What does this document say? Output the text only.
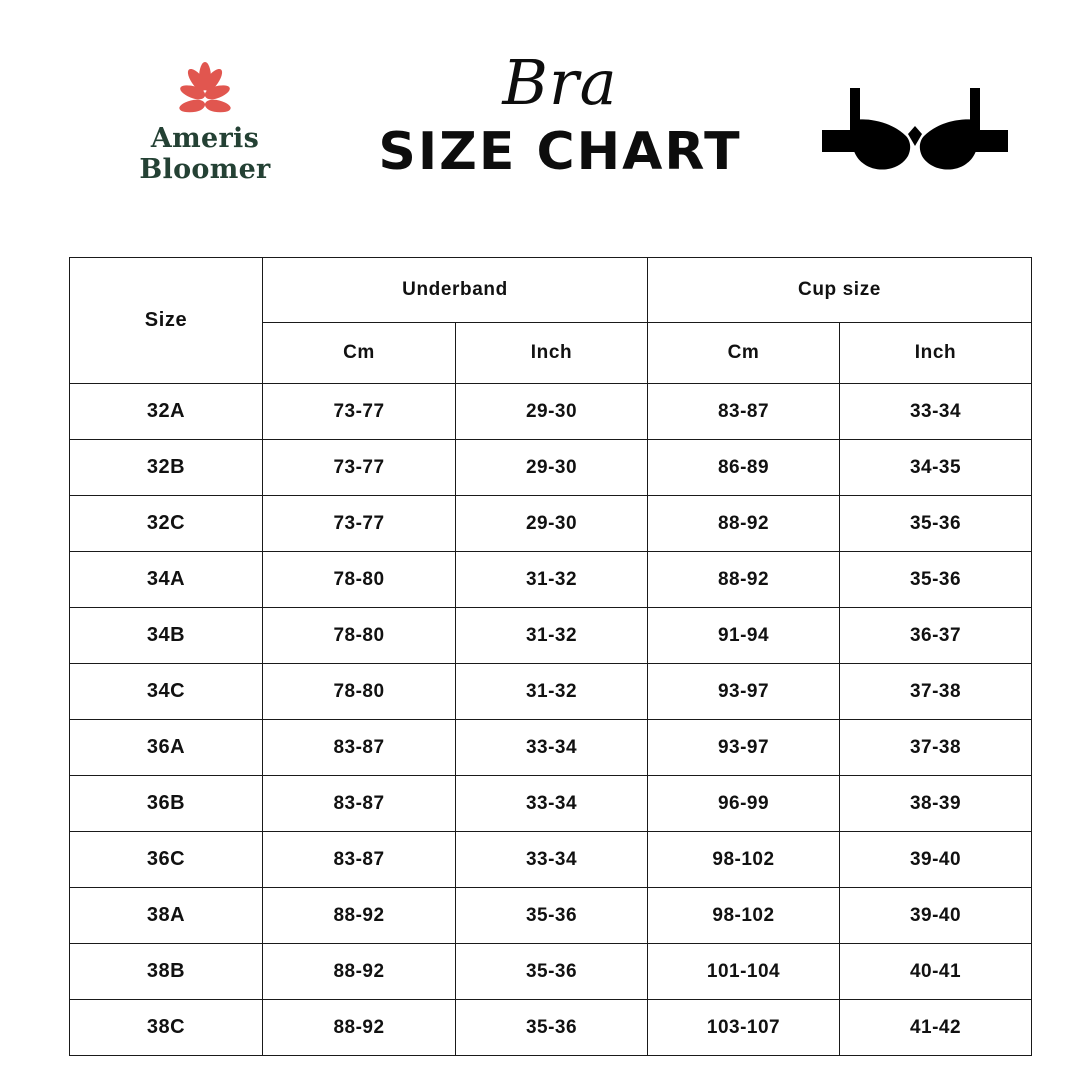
Ameris
Bloomer
Bra
SIZE CHART
Size	Underband		Cup size	
	Cm	Inch	Cm	Inch
32A	73-77	29-30	83-87	33-34
32B	73-77	29-30	86-89	34-35
32C	73-77	29-30	88-92	35-36
34A	78-80	31-32	88-92	35-36
34B	78-80	31-32	91-94	36-37
34C	78-80	31-32	93-97	37-38
36A	83-87	33-34	93-97	37-38
36B	83-87	33-34	96-99	38-39
36C	83-87	33-34	98-102	39-40
38A	88-92	35-36	98-102	39-40
38B	88-92	35-36	101-104	40-41
38C	88-92	35-36	103-107	41-42
